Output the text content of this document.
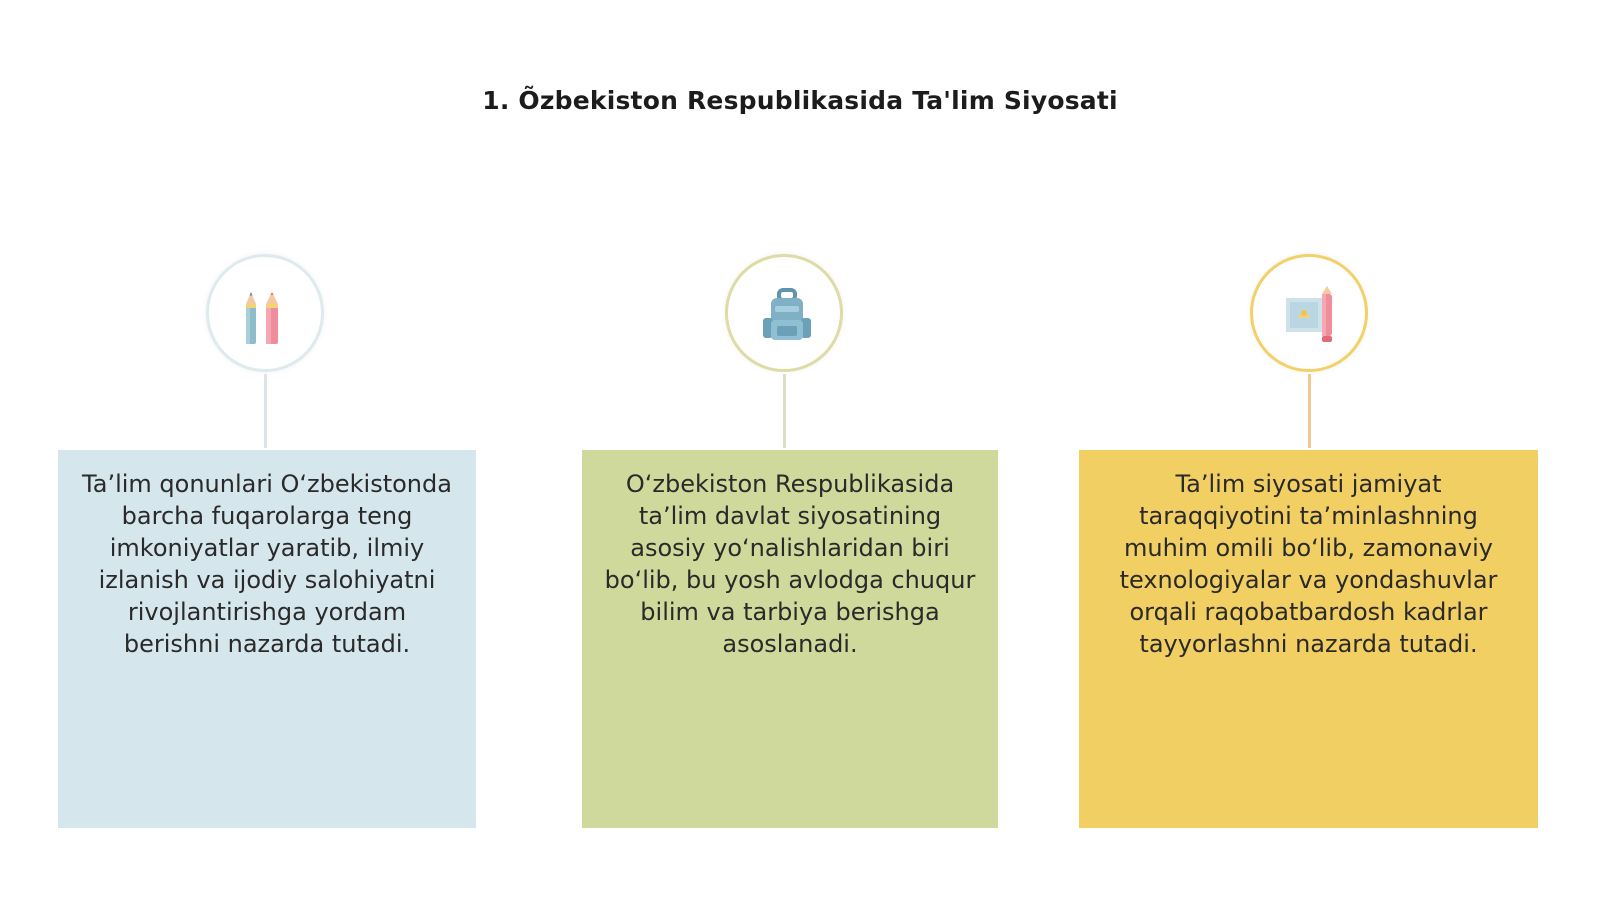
1. Õzbekiston Respublikasida Ta'lim Siyosati
Ta’lim qonunlari O‘zbekistonda barcha fuqarolarga teng imkoniyatlar yaratib, ilmiy izlanish va ijodiy salohiyatni rivojlantirishga yordam berishni nazarda tutadi.
O‘zbekiston Respublikasida ta’lim davlat siyosatining asosiy yo‘nalishlaridan biri bo‘lib, bu yosh avlodga chuqur bilim va tarbiya berishga asoslanadi.
Ta’lim siyosati jamiyat taraqqiyotini ta’minlashning muhim omili bo‘lib, zamonaviy texnologiyalar va yondashuvlar orqali raqobatbardosh kadrlar tayyorlashni nazarda tutadi.
